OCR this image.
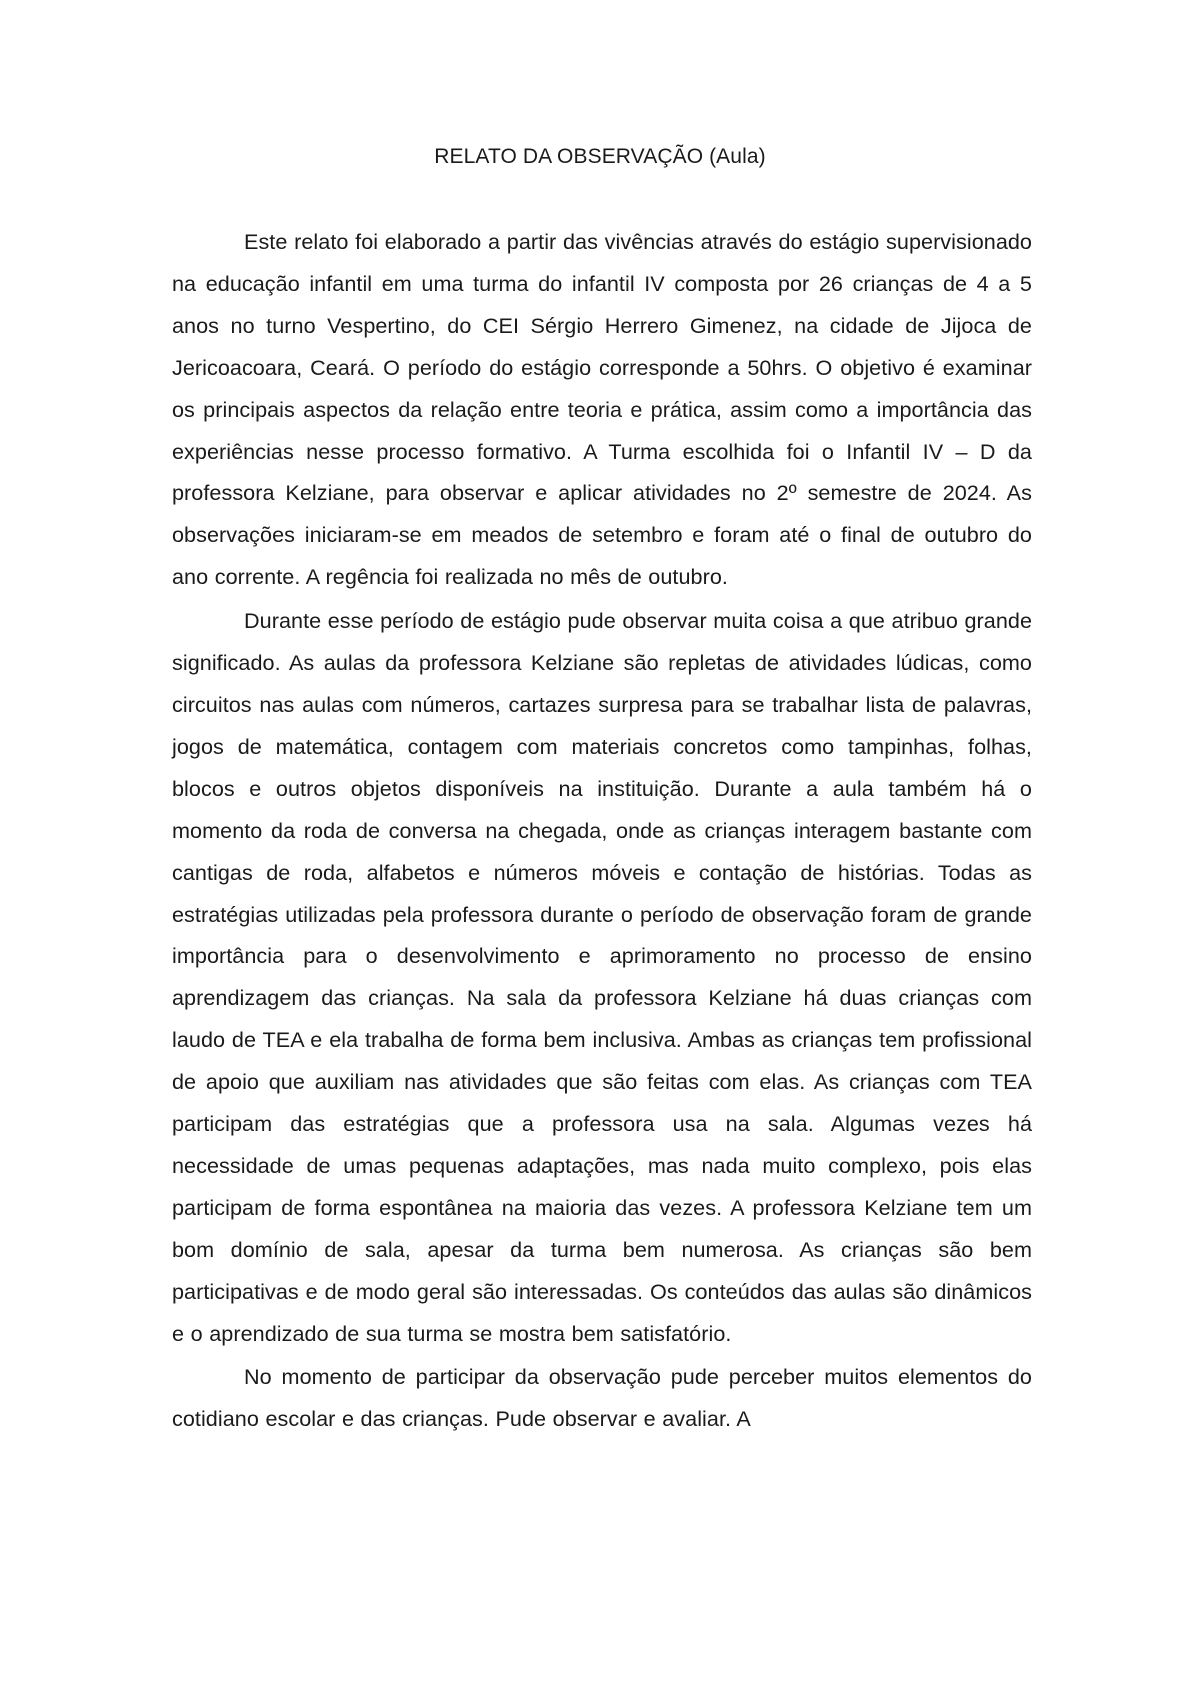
RELATO DA OBSERVAÇÃO (Aula)

Este relato foi elaborado a partir das vivências através do estágio supervisionado na educação infantil em uma turma do infantil IV composta por 26 crianças de 4 a 5 anos no turno Vespertino, do CEI Sérgio Herrero Gimenez, na cidade de Jijoca de Jericoacoara, Ceará. O período do estágio corresponde a 50hrs. O objetivo é examinar os principais aspectos da relação entre teoria e prática, assim como a importância das experiências nesse processo formativo. A Turma escolhida foi o Infantil IV – D da professora Kelziane, para observar e aplicar atividades no 2º semestre de 2024. As observações iniciaram-se em meados de setembro e foram até o final de outubro do ano corrente. A regência foi realizada no mês de outubro.

Durante esse período de estágio pude observar muita coisa a que atribuo grande significado. As aulas da professora Kelziane são repletas de atividades lúdicas, como circuitos nas aulas com números, cartazes surpresa para se trabalhar lista de palavras, jogos de matemática, contagem com materiais concretos como tampinhas, folhas, blocos e outros objetos disponíveis na instituição. Durante a aula também há o momento da roda de conversa na chegada, onde as crianças interagem bastante com cantigas de roda, alfabetos e números móveis e contação de histórias. Todas as estratégias utilizadas pela professora durante o período de observação foram de grande importância para o desenvolvimento e aprimoramento no processo de ensino aprendizagem das crianças. Na sala da professora Kelziane há duas crianças com laudo de TEA e ela trabalha de forma bem inclusiva. Ambas as crianças tem profissional de apoio que auxiliam nas atividades que são feitas com elas. As crianças com TEA participam das estratégias que a professora usa na sala. Algumas vezes há necessidade de umas pequenas adaptações, mas nada muito complexo, pois elas participam de forma espontânea na maioria das vezes. A professora Kelziane tem um bom domínio de sala, apesar da turma bem numerosa. As crianças são bem participativas e de modo geral são interessadas. Os conteúdos das aulas são dinâmicos e o aprendizado de sua turma se mostra bem satisfatório.

No momento de participar da observação pude perceber muitos elementos do cotidiano escolar e das crianças. Pude observar e avaliar. A
